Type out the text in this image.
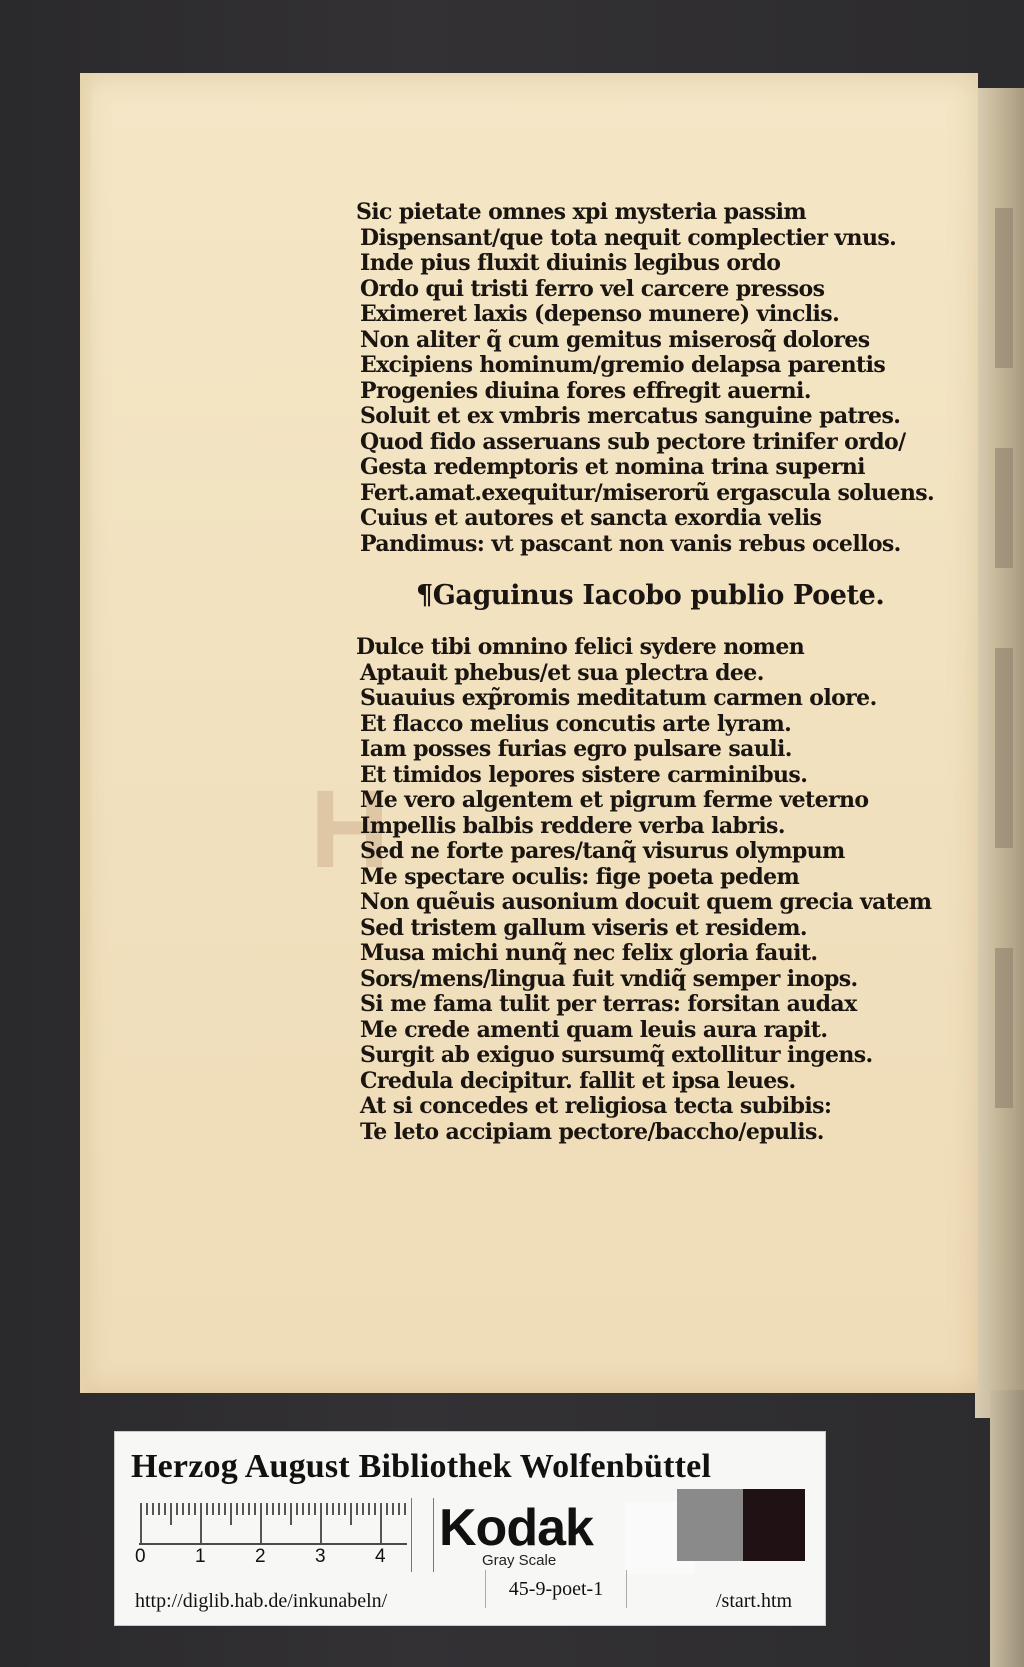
H
Sic pietate omnes xpi mysteria passim
Dispensant/que tota nequit complectier vnus.
Inde pius fluxit diuinis legibus ordo
Ordo qui tristi ferro vel carcere pressos
Eximeret laxis (depenso munere) vinclis.
Non aliter q̃ cum gemitus miserosq̃ dolores
Excipiens hominum/gremio delapsa parentis
Progenies diuina fores effregit auerni.
Soluit et ex vmbris mercatus sanguine patres.
Quod fido asseruans sub pectore trinifer ordo/
Gesta redemptoris et nomina trina superni
Fert.amat.exequitur/miserorũ ergascula soluens.
Cuius et autores et sancta exordia velis
Pandimus: vt pascant non vanis rebus ocellos.
¶Gaguinus Iacobo publio Poete.
Dulce tibi omnino felici sydere nomen
Aptauit phebus/et sua plectra dee.
Suauius exp̃romis meditatum carmen olore.
Et flacco melius concutis arte lyram.
Iam posses furias egro pulsare sauli.
Et timidos lepores sistere carminibus.
Me vero algentem et pigrum ferme veterno
Impellis balbis reddere verba labris.
Sed ne forte pares/tanq̃ visurus olympum
Me spectare oculis: fige poeta pedem
Non quẽuis ausonium docuit quem grecia vatem
Sed tristem gallum viseris et residem.
Musa michi nunq̃ nec felix gloria fauit.
Sors/mens/lingua fuit vndiq̃ semper inops.
Si me fama tulit per terras: forsitan audax
Me crede amenti quam leuis aura rapit.
Surgit ab exiguo sursumq̃ extollitur ingens.
Credula decipitur. fallit et ipsa leues.
At si concedes et religiosa tecta subibis:
Te leto accipiam pectore/baccho/epulis.
Herzog August Bibliothek Wolfenbüttel
0	1	2	3	4 Kodak
Gray Scale
http://diglib.hab.de/inkunabeln/
45-9-poet-1
/start.htm
